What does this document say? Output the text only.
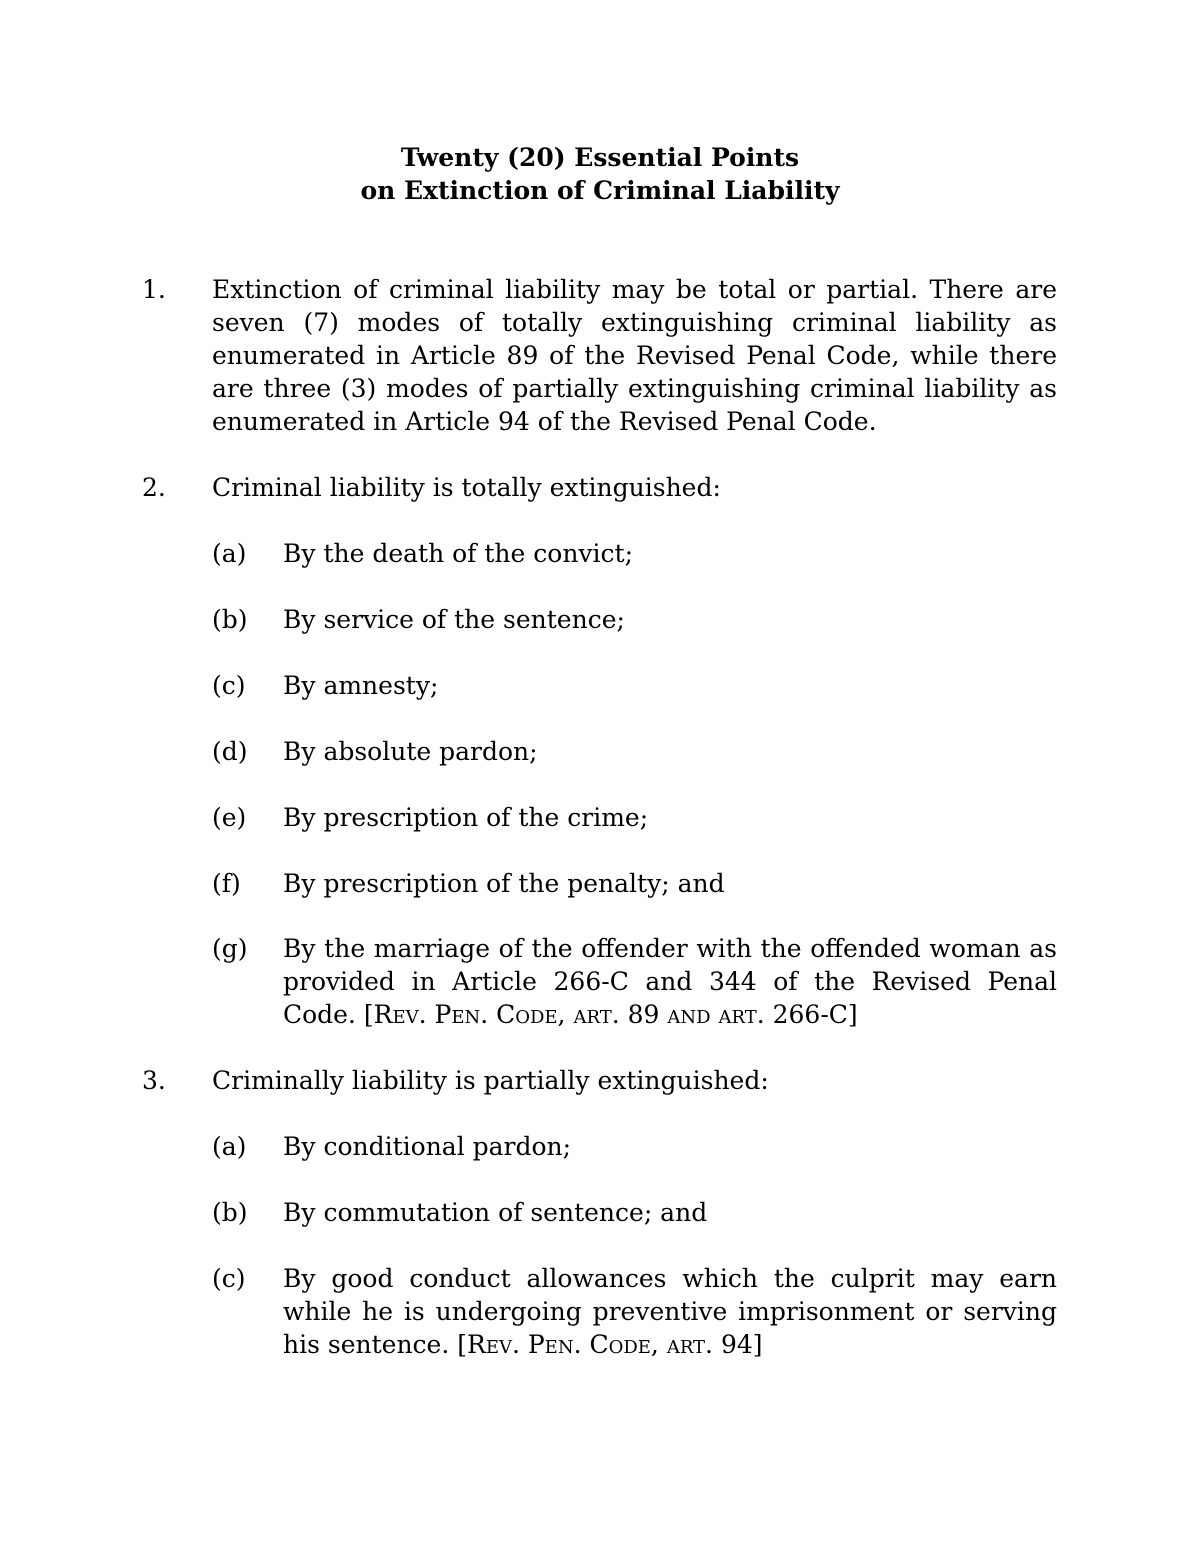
Twenty (20) Essential Points
on Extinction of Criminal Liability
1. Extinction of criminal liability may be total or partial. There are seven (7) modes of totally extinguishing criminal liability as enumerated in Article 89 of the Revised Penal Code, while there are three (3) modes of partially extinguishing criminal liability as enumerated in Article 94 of the Revised Penal Code.
2. Criminal liability is totally extinguished:
(a) By the death of the convict;
(b) By service of the sentence;
(c) By amnesty;
(d) By absolute pardon;
(e) By prescription of the crime;
(f) By prescription of the penalty; and
(g) By the marriage of the offender with the offended woman as provided in Article 266-C and 344 of the Revised Penal Code. [Rev. Pen. Code, art. 89 and art. 266-C]
3. Criminally liability is partially extinguished:
(a) By conditional pardon;
(b) By commutation of sentence; and
(c) By good conduct allowances which the culprit may earn while he is undergoing preventive imprisonment or serving his sentence. [Rev. Pen. Code, art. 94]
